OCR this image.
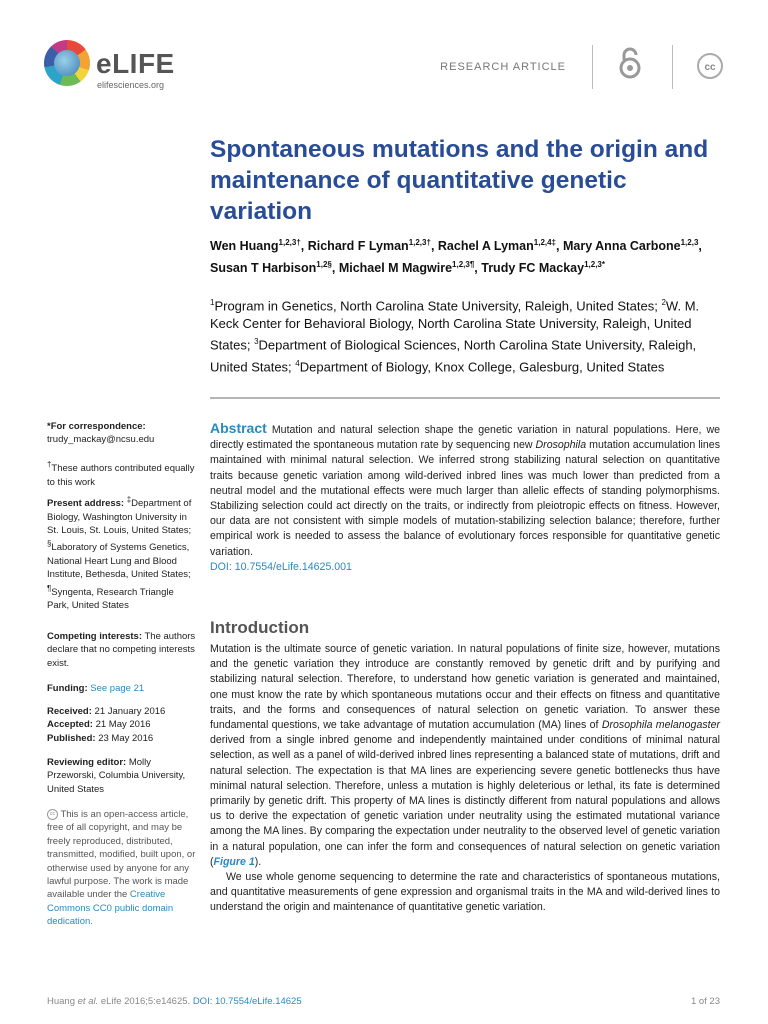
eLIFE
elifesciences.org
RESEARCH ARTICLE	cc
Spontaneous mutations and the origin and maintenance of quantitative genetic variation
Wen Huang$^{1,2,3\dagger}$, Richard F Lyman$^{1,2,3\dagger}$, Rachel A Lyman$^{1,2,4\ddagger}$, Mary Anna Carbone$^{1,2,3}$, Susan T Harbison$^{1,2\S}$, Michael M Magwire$^{1,2,3\P}$, Trudy FC Mackay$^{1,2,3*}$
$^1$Program in Genetics, North Carolina State University, Raleigh, United States; $^2$W. M. Keck Center for Behavioral Biology, North Carolina State University, Raleigh, United States; $^3$Department of Biological Sciences, North Carolina State University, Raleigh, United States; $^4$Department of Biology, Knox College, Galesburg, United States
*For correspondence:
trudy_mackay@ncsu.edu
†These authors contributed equally to this work
Present address: ‡Department of Biology, Washington University in St. Louis, St. Louis, United States; §Laboratory of Systems Genetics, National Heart Lung and Blood Institute, Bethesda, United States; ¶Syngenta, Research Triangle Park, United States
Competing interests: The authors declare that no competing interests exist.
Funding: See page 21
Received: 21 January 2016
Accepted: 21 May 2016
Published: 23 May 2016
Reviewing editor: Molly Przeworski, Columbia University, United States
cc This is an open-access article, free of all copyright, and may be freely reproduced, distributed, transmitted, modified, built upon, or otherwise used by anyone for any lawful purpose. The work is made available under the Creative Commons CC0 public domain dedication.
Abstract Mutation and natural selection shape the genetic variation in natural populations. Here, we directly estimated the spontaneous mutation rate by sequencing new Drosophila mutation accumulation lines maintained with minimal natural selection. We inferred strong stabilizing natural selection on quantitative traits because genetic variation among wild-derived inbred lines was much lower than predicted from a neutral model and the mutational effects were much larger than allelic effects of standing polymorphisms. Stabilizing selection could act directly on the traits, or indirectly from pleiotropic effects on fitness. However, our data are not consistent with simple models of mutation-stabilizing selection balance; therefore, further empirical work is needed to assess the balance of evolutionary forces responsible for quantitative genetic variation.
DOI: 10.7554/eLife.14625.001
Introduction

Mutation is the ultimate source of genetic variation. In natural populations of finite size, however, mutations and the genetic variation they introduce are constantly removed by genetic drift and by purifying and stabilizing natural selection. Therefore, to understand how genetic variation is generated and maintained, one must know the rate by which spontaneous mutations occur and their effects on fitness and quantitative traits, and the forms and consequences of natural selection on genetic variation. To answer these fundamental questions, we take advantage of mutation accumulation (MA) lines of Drosophila melanogaster derived from a single inbred genome and independently maintained under conditions of minimal natural selection, as well as a panel of wild-derived inbred lines representing a balanced state of mutations, drift and natural selection. The expectation is that MA lines are experiencing severe genetic bottlenecks thus have minimal natural selection. Therefore, unless a mutation is highly deleterious or lethal, its fate is determined primarily by genetic drift. This property of MA lines is distinctly different from natural populations and allows us to derive the expectation of genetic variation under neutrality using the estimated mutational variance among the MA lines. By comparing the expectation under neutrality to the observed level of genetic variation in a natural population, one can infer the form and consequences of natural selection on genetic variation (Figure 1).

We use whole genome sequencing to determine the rate and characteristics of spontaneous mutations, and quantitative measurements of gene expression and organismal traits in the MA and wild-derived lines to understand the origin and maintenance of quantitative genetic variation.

Huang et al. eLife 2016;5:e14625. DOI: 10.7554/eLife.14625	1 of 23
